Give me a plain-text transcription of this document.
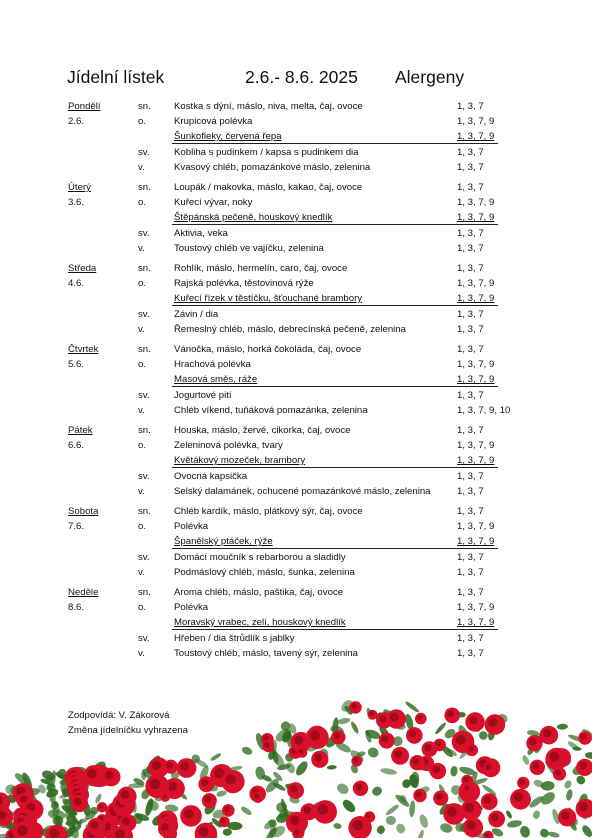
Jídelní lístek	2.6.- 8.6. 2025 Alergeny
Pondělí	sn. Kostka s dýní, máslo, niva, melta, čaj, ovoce	1, 3, 7
2.6.	o.	Krupicová polévka	1, 3, 7, 9
Šunkofleky, červená řepa	1, 3, 7, 9
sv.	Kobliha s pudinkem / kapsa s pudinkem dia	1, 3, 7
v.	Kvasový chléb, pomazánkové máslo, zelenina	1, 3, 7
Úterý	sn. Loupák / makovka, máslo, kakao, čaj, ovoce	1, 3, 7
3.6.	o.	Kuřecí vývar, noky	1, 3, 7, 9
Štěpánská pečeně, houskový knedlík	1, 3, 7, 9
sv.	Aktivia, veka	1, 3, 7
v.	Toustový chléb ve vajíčku, zelenina	1, 3, 7
Středa	sn. Rohlík, máslo, hermelín, caro, čaj, ovoce	1, 3, 7
4.6.	o.	Rajská polévka, těstovinová rýže	1, 3, 7, 9
Kuřecí řízek v těstíčku, šťouchané brambory	1, 3, 7, 9
sv.	Závin / dia	1, 3, 7
v.	Řemeslný chléb, máslo, debrecínská pečeně, zelenina	1, 3, 7
Čtvrtek	sn. Vánočka, máslo, horká čokoláda, čaj, ovoce	1, 3, 7
5.6.	o.	Hrachová polévka	1, 3, 7, 9
Masová směs, ráže	1, 3, 7, 9
sv.	Jogurtové pití	1, 3, 7
v.	Chléb víkend, tuňáková pomazánka, zelenina	1, 3, 7, 9, 10
Pátek	sn. Houska, máslo, žervé, cikorka, čaj, ovoce	1, 3, 7
6.6.	o.	Zeleninová polévka, tvary	1, 3, 7, 9
Květákový mozeček, brambory	1, 3, 7, 9
sv.	Ovocná kapsička	1, 3, 7
v.	Selský dalamánek, ochucené pomazánkové máslo, zelenina	1, 3, 7
Sobota	sn. Chléb kardík, máslo, plátkový sýr, čaj, ovoce	1, 3, 7
7.6.	o.	Polévka	1, 3, 7, 9
Španělský ptáček, rýže	1, 3, 7, 9
sv.	Domácí moučník s rebarborou a sladidly	1, 3, 7
v.	Podmáslový chléb, máslo, šunka, zelenina	1, 3, 7
Neděle	sn. Aroma chléb, máslo, paštika, čaj, ovoce	1, 3, 7
8.6.	o.	Polévka	1, 3, 7, 9
Moravský vrabec, zelí, houskový knedlík	1, 3, 7, 9
sv.	Hřeben / dia štrůdlík s jablky	1, 3, 7
v.	Toustový chléb, máslo, tavený sýr, zelenina	1, 3, 7
Zodpovídá: V. Zákorová
Změna jídelníčku vyhrazena
